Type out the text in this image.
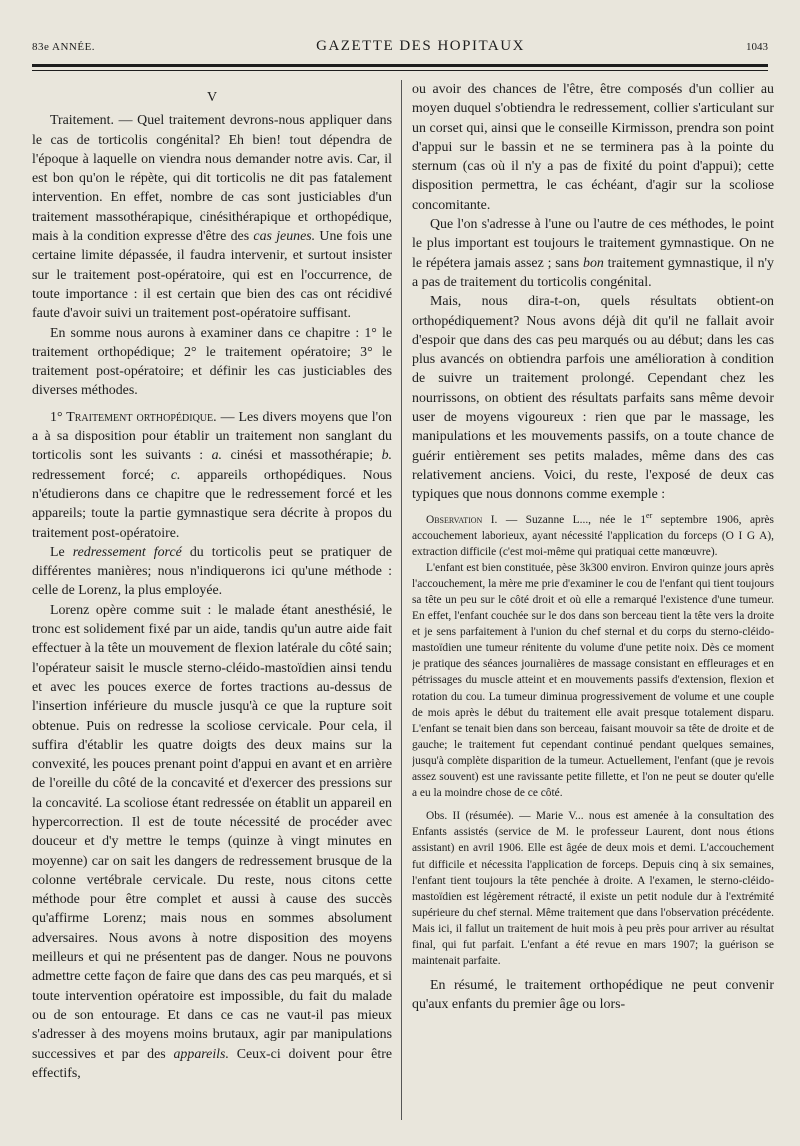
83e ANNÉE.	GAZETTE DES HOPITAUX	1043
V

Traitement. — Quel traitement devrons-nous appliquer dans le cas de torticolis congénital? Eh bien! tout dépendra de l'époque à laquelle on viendra nous demander notre avis. Car, il est bon qu'on le répète, qui dit torticolis ne dit pas fatalement intervention. En effet, nombre de cas sont justiciables d'un traitement massothérapique, cinésithérapique et orthopédique, mais à la condition expresse d'être des cas jeunes. Une fois une certaine limite dépassée, il faudra intervenir, et surtout insister sur le traitement post-opératoire, qui est en l'occurrence, de toute importance : il est certain que bien des cas ont récidivé faute d'avoir suivi un traitement post-opératoire suffisant.

En somme nous aurons à examiner dans ce chapitre : 1° le traitement orthopédique; 2° le traitement opératoire; 3° le traitement post-opératoire; et définir les cas justiciables des diverses méthodes.

1° Traitement orthopédique. — Les divers moyens que l'on a à sa disposition pour établir un traitement non sanglant du torticolis sont les suivants : a. cinési et massothérapie; b. redressement forcé; c. appareils orthopédiques. Nous n'étudierons dans ce chapitre que le redressement forcé et les appareils; toute la partie gymnastique sera décrite à propos du traitement post-opératoire.

Le redressement forcé du torticolis peut se pratiquer de différentes manières; nous n'indiquerons ici qu'une méthode : celle de Lorenz, la plus employée.

Lorenz opère comme suit : le malade étant anesthésié, le tronc est solidement fixé par un aide, tandis qu'un autre aide fait effectuer à la tête un mouvement de flexion latérale du côté sain; l'opérateur saisit le muscle sterno-cléido-mastoïdien ainsi tendu et avec les pouces exerce de fortes tractions au-dessus de l'insertion inférieure du muscle jusqu'à ce que la rupture soit obtenue. Puis on redresse la scoliose cervicale. Pour cela, il suffira d'établir les quatre doigts des deux mains sur la convexité, les pouces prenant point d'appui en avant et en arrière de l'oreille du côté de la concavité et d'exercer des pressions sur la concavité. La scoliose étant redressée on établit un appareil en hypercorrection. Il est de toute nécessité de procéder avec douceur et d'y mettre le temps (quinze à vingt minutes en moyenne) car on sait les dangers de redressement brusque de la colonne vertébrale cervicale. Du reste, nous citons cette méthode pour être complet et aussi à cause des succès qu'affirme Lorenz; mais nous en sommes absolument adversaires. Nous avons à notre disposition des moyens meilleurs et qui ne présentent pas de danger. Nous ne pouvons admettre cette façon de faire que dans des cas peu marqués, et si toute intervention opératoire est impossible, du fait du malade ou de son entourage. Et dans ce cas ne vaut-il pas mieux s'adresser à des moyens moins brutaux, agir par manipulations successives et par des appareils. Ceux-ci doivent pour être effectifs,

ou avoir des chances de l'être, être composés d'un collier au moyen duquel s'obtiendra le redressement, collier s'articulant sur un corset qui, ainsi que le conseille Kirmisson, prendra son point d'appui sur le bassin et ne se terminera pas à la pointe du sternum (cas où il n'y a pas de fixité du point d'appui); cette disposition permettra, le cas échéant, d'agir sur la scoliose concomitante.

Que l'on s'adresse à l'une ou l'autre de ces méthodes, le point le plus important est toujours le traitement gymnastique. On ne le répétera jamais assez ; sans bon traitement gymnastique, il n'y a pas de traitement du torticolis congénital.

Mais, nous dira-t-on, quels résultats obtient-on orthopédiquement? Nous avons déjà dit qu'il ne fallait avoir d'espoir que dans des cas peu marqués ou au début; dans les cas plus avancés on obtiendra parfois une amélioration à condition de suivre un traitement prolongé. Cependant chez les nourrissons, on obtient des résultats parfaits sans même devoir user de moyens vigoureux : rien que par le massage, les manipulations et les mouvements passifs, on a toute chance de guérir entièrement ses petits malades, même dans des cas relativement anciens. Voici, du reste, l'exposé de deux cas typiques que nous donnons comme exemple :

Observation I. — Suzanne L..., née le 1er septembre 1906, après accouchement laborieux, ayant nécessité l'application du forceps (O I G A), extraction difficile (c'est moi-même qui pratiquai cette manœuvre).

L'enfant est bien constituée, pèse 3k300 environ. Environ quinze jours après l'accouchement, la mère me prie d'examiner le cou de l'enfant qui tient toujours sa tête un peu sur le côté droit et où elle a remarqué l'existence d'une tumeur. En effet, l'enfant couchée sur le dos dans son berceau tient la tête vers la droite et je sens parfaitement à l'union du chef sternal et du corps du sterno-cléido-mastoïdien une tumeur rénitente du volume d'une petite noix. Dès ce moment je pratique des séances journalières de massage consistant en effleurages et en pétrissages du muscle atteint et en mouvements passifs d'extension, flexion et rotation du cou. La tumeur diminua progressivement de volume et une couple de mois après le début du traitement elle avait presque totalement disparu. L'enfant se tenait bien dans son berceau, faisant mouvoir sa tête de droite et de gauche; le traitement fut cependant continué pendant quelques semaines, jusqu'à complète disparition de la tumeur. Actuellement, l'enfant (que je revois assez souvent) est une ravissante petite fillette, et l'on ne peut se douter qu'elle a eu la moindre chose de ce côté.

Obs. II (résumée). — Marie V... nous est amenée à la consultation des Enfants assistés (service de M. le professeur Laurent, dont nous étions assistant) en avril 1906. Elle est âgée de deux mois et demi. L'accouchement fut difficile et nécessita l'application de forceps. Depuis cinq à six semaines, l'enfant tient toujours la tête penchée à droite. A l'examen, le sterno-cléido-mastoïdien est légèrement rétracté, il existe un petit nodule dur à l'extrémité supérieure du chef sternal. Même traitement que dans l'observation précédente. Mais ici, il fallut un traitement de huit mois à peu près pour arriver au résultat final, qui fut parfait. L'enfant a été revue en mars 1907; la guérison se maintenait parfaite.

En résumé, le traitement orthopédique ne peut convenir qu'aux enfants du premier âge ou lors-
